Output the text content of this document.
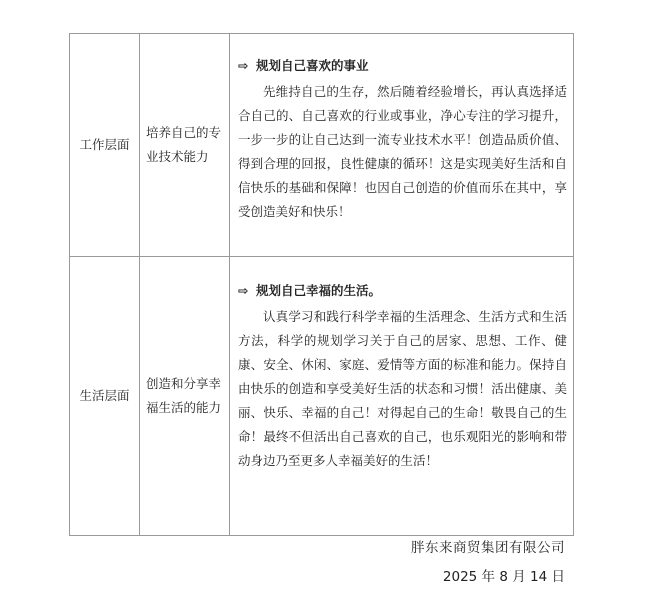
工作层面	培养自己的专业技术能力	⇨ 规划自己喜欢的事业

先维持自己的生存，然后随着经验增长，再认真选择适合自己的、自己喜欢的行业或事业，净心专注的学习提升，一步一步的让自己达到一流专业技术水平！创造品质价值、得到合理的回报，良性健康的循环！这是实现美好生活和自信快乐的基础和保障！也因自己创造的价值而乐在其中，享受创造美好和快乐！

生活层面	创造和分享幸福生活的能力	⇨ 规划自己幸福的生活。

认真学习和践行科学幸福的生活理念、生活方式和生活方法，科学的规划学习关于自己的居家、思想、工作、健康、安全、休闲、家庭、爱情等方面的标准和能力。保持自由快乐的创造和享受美好生活的状态和习惯！活出健康、美丽、快乐、幸福的自己！对得起自己的生命！敬畏自己的生命！最终不但活出自己喜欢的自己，也乐观阳光的影响和带动身边乃至更多人幸福美好的生活！

胖东来商贸集团有限公司
2025 年 8 月 14 日
